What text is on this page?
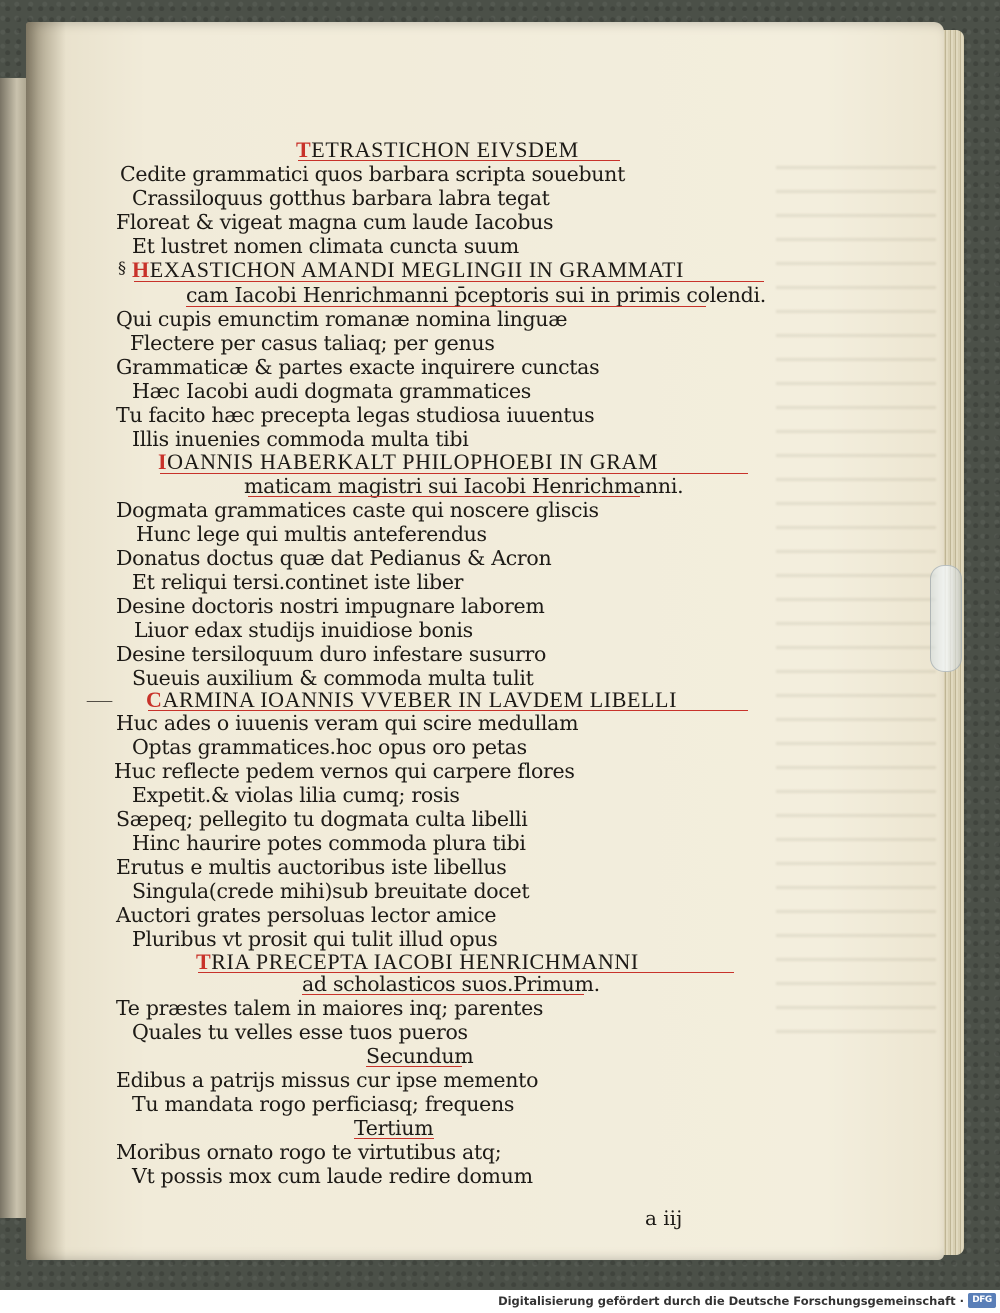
TETRASTICHON EIVSDEM
Cedite grammatici quos barbara scripta souebunt
Crassiloquus gotthus barbara labra tegat
Floreat & vigeat magna cum laude Iacobus
Et lustret nomen climata cuncta suum
§ HEXASTICHON AMANDI MEGLINGII IN GRAMMATI
cam Iacobi Henrichmanni p̄ceptoris sui in primis colendi.
Qui cupis emunctim romanæ nomina linguæ
Flectere per casus taliaq; per genus
Grammaticæ & partes exacte inquirere cunctas
Hæc Iacobi audi dogmata grammatices
Tu facito hæc precepta legas studiosa iuuentus
Illis inuenies commoda multa tibi
IOANNIS HABERKALT PHILOPHOEBI IN GRAM
maticam magistri sui Iacobi Henrichmanni.
Dogmata grammatices caste qui noscere gliscis
Hunc lege qui multis anteferendus
Donatus doctus quæ dat Pedianus & Acron
Et reliqui tersi.continet iste liber
Desine doctoris nostri impugnare laborem
Liuor edax studijs inuidiose bonis
Desine tersiloquum duro infestare susurro
Sueuis auxilium & commoda multa tulit
⸺ CARMINA IOANNIS VVEBER IN LAVDEM LIBELLI
Huc ades o iuuenis veram qui scire medullam
Optas grammatices.hoc opus oro petas
Huc reflecte pedem vernos qui carpere flores
Expetit.& violas lilia cumq; rosis
Sæpeq; pellegito tu dogmata culta libelli
Hinc haurire potes commoda plura tibi
Erutus e multis auctoribus iste libellus
Singula(crede mihi)sub breuitate docet
Auctori grates persoluas lector amice
Pluribus vt prosit qui tulit illud opus
TRIA PRECEPTA IACOBI HENRICHMANNI
ad scholasticos suos.Primum.
Te præstes talem in maiores inq; parentes
Quales tu velles esse tuos pueros
Secundum
Edibus a patrijs missus cur ipse memento
Tu mandata rogo perficiasq; frequens
Tertium
Moribus ornato rogo te virtutibus atq;
Vt possis mox cum laude redire domum
a iij
Digitalisierung gefördert durch die Deutsche Forschungsgemeinschaft · DFG
